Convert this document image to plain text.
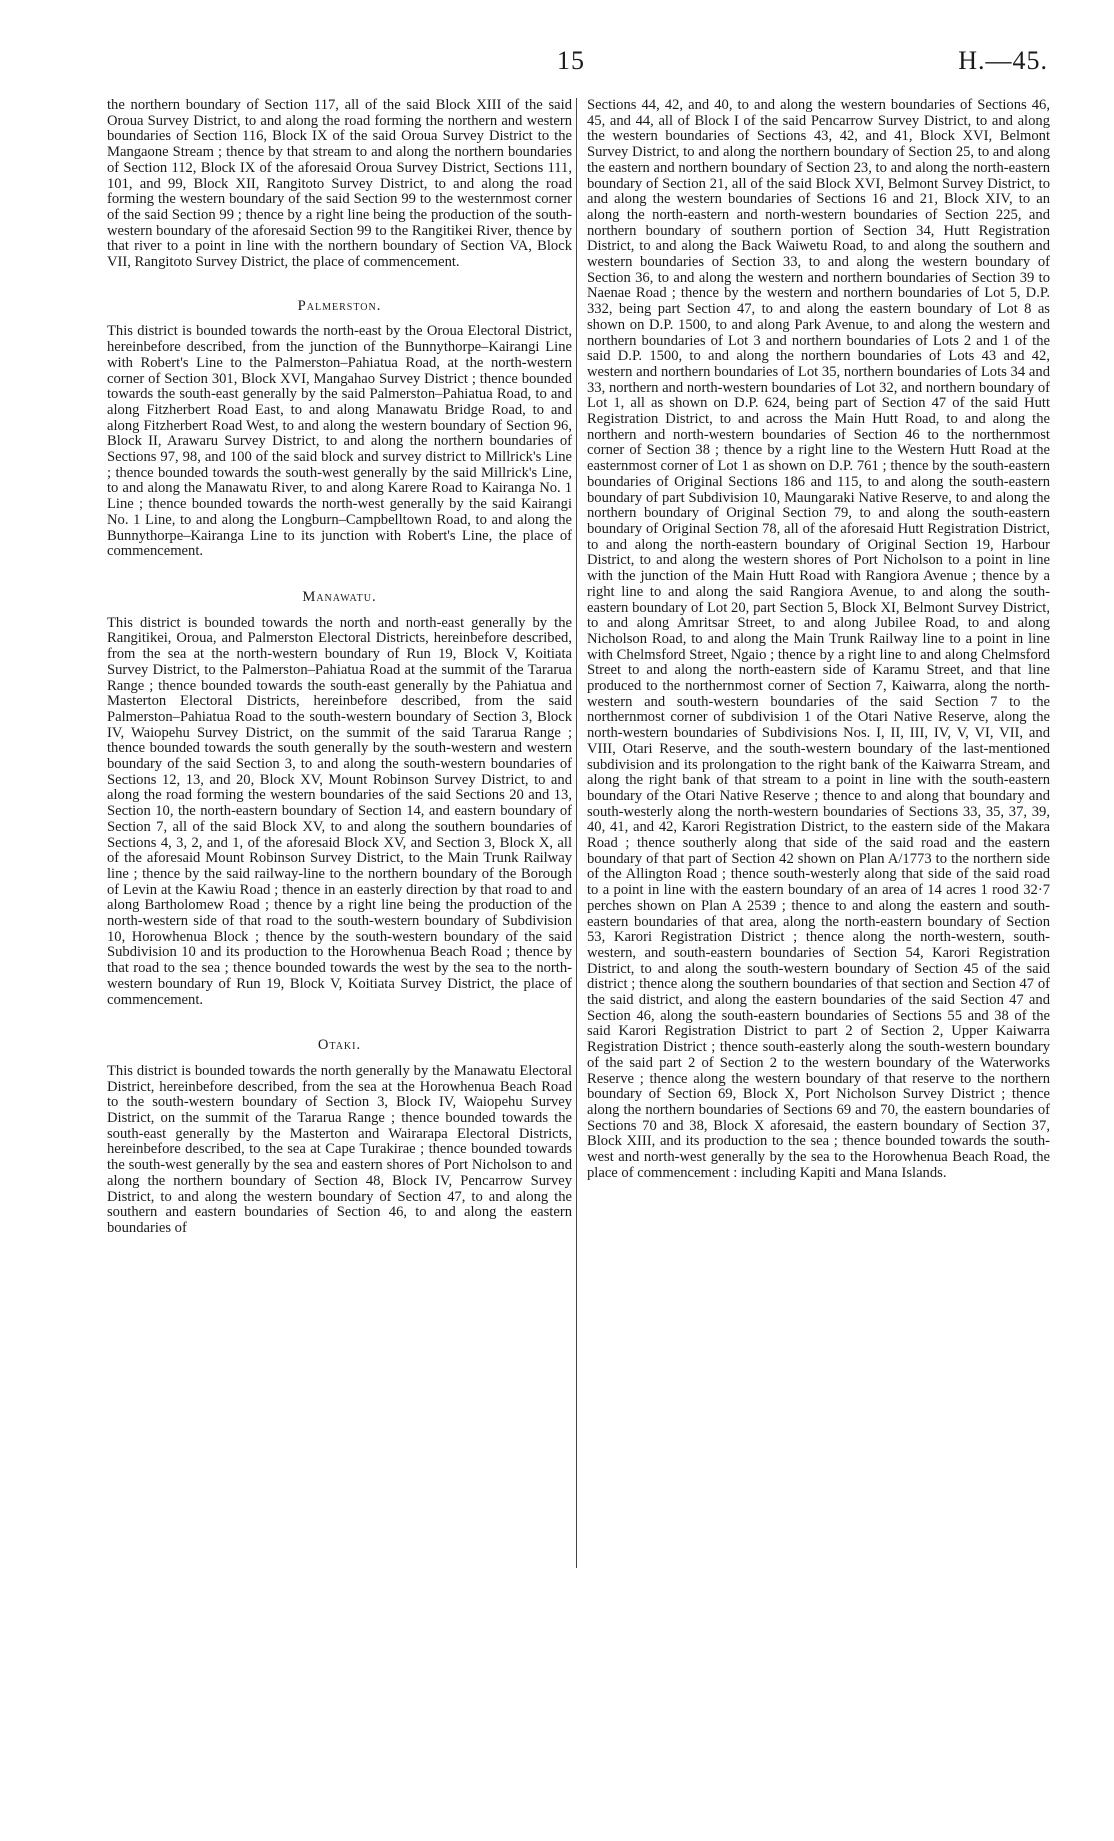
15	H.—45.

the northern boundary of Section 117, all of the said Block XIII of the said Oroua Survey District, to and along the road forming the northern and western boundaries of Section 116, Block IX of the said Oroua Survey District to the Mangaone Stream ; thence by that stream to and along the northern boundaries of Section 112, Block IX of the aforesaid Oroua Survey District, Sections 111, 101, and 99, Block XII, Rangitoto Survey District, to and along the road forming the western boundary of the said Section 99 to the westernmost corner of the said Section 99 ; thence by a right line being the production of the south-western boundary of the aforesaid Section 99 to the Rangitikei River, thence by that river to a point in line with the northern boundary of Section VA, Block VII, Rangitoto Survey District, the place of commencement.

Palmerston.

This district is bounded towards the north-east by the Oroua Electoral District, hereinbefore described, from the junction of the Bunnythorpe–Kairangi Line with Robert's Line to the Palmerston–Pahiatua Road, at the north-western corner of Section 301, Block XVI, Mangahao Survey District ; thence bounded towards the south-east generally by the said Palmerston–Pahiatua Road, to and along Fitzherbert Road East, to and along Manawatu Bridge Road, to and along Fitzherbert Road West, to and along the western boundary of Section 96, Block II, Arawaru Survey District, to and along the northern boundaries of Sections 97, 98, and 100 of the said block and survey district to Millrick's Line ; thence bounded towards the south-west generally by the said Millrick's Line, to and along the Manawatu River, to and along Karere Road to Kairanga No. 1 Line ; thence bounded towards the north-west generally by the said Kairangi No. 1 Line, to and along the Longburn–Campbelltown Road, to and along the Bunnythorpe–Kairanga Line to its junction with Robert's Line, the place of commencement.

Manawatu.

This district is bounded towards the north and north-east generally by the Rangitikei, Oroua, and Palmerston Electoral Districts, hereinbefore described, from the sea at the north-western boundary of Run 19, Block V, Koitiata Survey District, to the Palmerston–Pahiatua Road at the summit of the Tararua Range ; thence bounded towards the south-east generally by the Pahiatua and Masterton Electoral Districts, hereinbefore described, from the said Palmerston–Pahiatua Road to the south-western boundary of Section 3, Block IV, Waiopehu Survey District, on the summit of the said Tararua Range ; thence bounded towards the south generally by the south-western and western boundary of the said Section 3, to and along the south-western boundaries of Sections 12, 13, and 20, Block XV, Mount Robinson Survey District, to and along the road forming the western boundaries of the said Sections 20 and 13, Section 10, the north-eastern boundary of Section 14, and eastern boundary of Section 7, all of the said Block XV, to and along the southern boundaries of Sections 4, 3, 2, and 1, of the aforesaid Block XV, and Section 3, Block X, all of the aforesaid Mount Robinson Survey District, to the Main Trunk Railway line ; thence by the said railway-line to the northern boundary of the Borough of Levin at the Kawiu Road ; thence in an easterly direction by that road to and along Bartholomew Road ; thence by a right line being the production of the north-western side of that road to the south-western boundary of Subdivision 10, Horowhenua Block ; thence by the south-western boundary of the said Subdivision 10 and its production to the Horowhenua Beach Road ; thence by that road to the sea ; thence bounded towards the west by the sea to the north-western boundary of Run 19, Block V, Koitiata Survey District, the place of commencement.

Otaki.

This district is bounded towards the north generally by the Manawatu Electoral District, hereinbefore described, from the sea at the Horowhenua Beach Road to the south-western boundary of Section 3, Block IV, Waiopehu Survey District, on the summit of the Tararua Range ; thence bounded towards the south-east generally by the Masterton and Wairarapa Electoral Districts, hereinbefore described, to the sea at Cape Turakirae ; thence bounded towards the south-west generally by the sea and eastern shores of Port Nicholson to and along the northern boundary of Section 48, Block IV, Pencarrow Survey District, to and along the western boundary of Section 47, to and along the southern and eastern boundaries of Section 46, to and along the eastern boundaries of

Sections 44, 42, and 40, to and along the western boundaries of Sections 46, 45, and 44, all of Block I of the said Pencarrow Survey District, to and along the western boundaries of Sections 43, 42, and 41, Block XVI, Belmont Survey District, to and along the northern boundary of Section 25, to and along the eastern and northern boundary of Section 23, to and along the north-eastern boundary of Section 21, all of the said Block XVI, Belmont Survey District, to and along the western boundaries of Sections 16 and 21, Block XIV, to an along the north-eastern and north-western boundaries of Section 225, and northern boundary of southern portion of Section 34, Hutt Registration District, to and along the Back Waiwetu Road, to and along the southern and western boundaries of Section 33, to and along the western boundary of Section 36, to and along the western and northern boundaries of Section 39 to Naenae Road ; thence by the western and northern boundaries of Lot 5, D.P. 332, being part Section 47, to and along the eastern boundary of Lot 8 as shown on D.P. 1500, to and along Park Avenue, to and along the western and northern boundaries of Lot 3 and northern boundaries of Lots 2 and 1 of the said D.P. 1500, to and along the northern boundaries of Lots 43 and 42, western and northern boundaries of Lot 35, northern boundaries of Lots 34 and 33, northern and north-western boundaries of Lot 32, and northern boundary of Lot 1, all as shown on D.P. 624, being part of Section 47 of the said Hutt Registration District, to and across the Main Hutt Road, to and along the northern and north-western boundaries of Section 46 to the northernmost corner of Section 38 ; thence by a right line to the Western Hutt Road at the easternmost corner of Lot 1 as shown on D.P. 761 ; thence by the south-eastern boundaries of Original Sections 186 and 115, to and along the south-eastern boundary of part Subdivision 10, Maungaraki Native Reserve, to and along the northern boundary of Original Section 79, to and along the south-eastern boundary of Original Section 78, all of the aforesaid Hutt Registration District, to and along the north-eastern boundary of Original Section 19, Harbour District, to and along the western shores of Port Nicholson to a point in line with the junction of the Main Hutt Road with Rangiora Avenue ; thence by a right line to and along the said Rangiora Avenue, to and along the south-eastern boundary of Lot 20, part Section 5, Block XI, Belmont Survey District, to and along Amritsar Street, to and along Jubilee Road, to and along Nicholson Road, to and along the Main Trunk Railway line to a point in line with Chelmsford Street, Ngaio ; thence by a right line to and along Chelmsford Street to and along the north-eastern side of Karamu Street, and that line produced to the northernmost corner of Section 7, Kaiwarra, along the north-western and south-western boundaries of the said Section 7 to the northernmost corner of subdivision 1 of the Otari Native Reserve, along the north-western boundaries of Subdivisions Nos. I, II, III, IV, V, VI, VII, and VIII, Otari Reserve, and the south-western boundary of the last-mentioned subdivision and its prolongation to the right bank of the Kaiwarra Stream, and along the right bank of that stream to a point in line with the south-eastern boundary of the Otari Native Reserve ; thence to and along that boundary and south-westerly along the north-western boundaries of Sections 33, 35, 37, 39, 40, 41, and 42, Karori Registration District, to the eastern side of the Makara Road ; thence southerly along that side of the said road and the eastern boundary of that part of Section 42 shown on Plan A/1773 to the northern side of the Allington Road ; thence south-westerly along that side of the said road to a point in line with the eastern boundary of an area of 14 acres 1 rood 32·7 perches shown on Plan A 2539 ; thence to and along the eastern and south-eastern boundaries of that area, along the north-eastern boundary of Section 53, Karori Registration District ; thence along the north-western, south-western, and south-eastern boundaries of Section 54, Karori Registration District, to and along the south-western boundary of Section 45 of the said district ; thence along the southern boundaries of that section and Section 47 of the said district, and along the eastern boundaries of the said Section 47 and Section 46, along the south-eastern boundaries of Sections 55 and 38 of the said Karori Registration District to part 2 of Section 2, Upper Kaiwarra Registration District ; thence south-easterly along the south-western boundary of the said part 2 of Section 2 to the western boundary of the Waterworks Reserve ; thence along the western boundary of that reserve to the northern boundary of Section 69, Block X, Port Nicholson Survey District ; thence along the northern boundaries of Sections 69 and 70, the eastern boundaries of Sections 70 and 38, Block X aforesaid, the eastern boundary of Section 37, Block XIII, and its production to the sea ; thence bounded towards the south-west and north-west generally by the sea to the Horowhenua Beach Road, the place of commencement : including Kapiti and Mana Islands.
